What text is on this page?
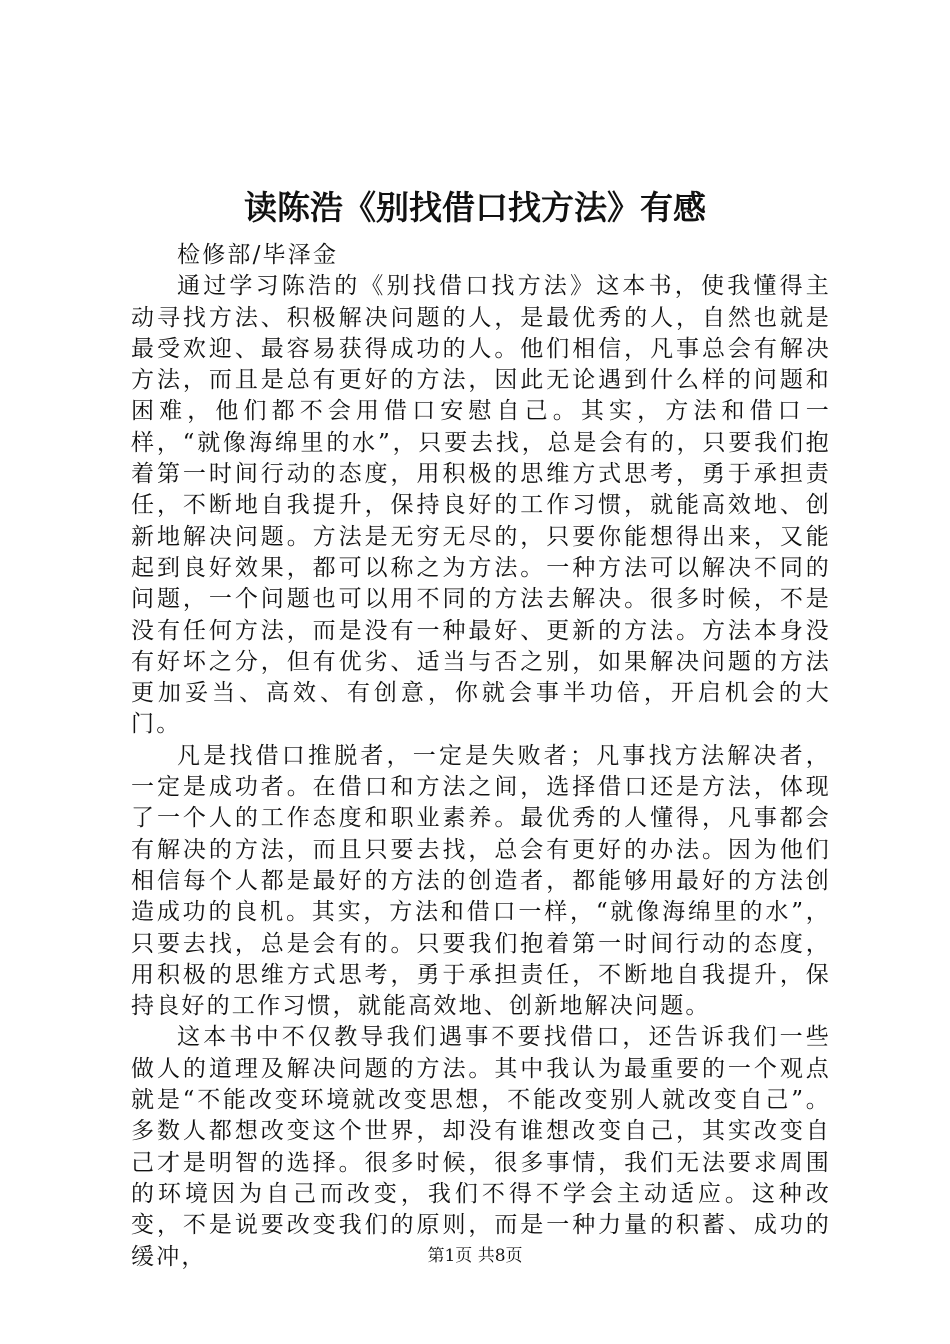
读陈浩《别找借口找方法》有感

检修部/毕泽金

通过学习陈浩的《别找借口找方法》这本书，使我懂得主动寻找方法、积极解决问题的人，是最优秀的人，自然也就是最受欢迎、最容易获得成功的人。他们相信，凡事总会有解决方法，而且是总有更好的方法，因此无论遇到什么样的问题和困难，他们都不会用借口安慰自己。其实，方法和借口一样，“就像海绵里的水”，只要去找，总是会有的，只要我们抱着第一时间行动的态度，用积极的思维方式思考，勇于承担责任，不断地自我提升，保持良好的工作习惯，就能高效地、创新地解决问题。方法是无穷无尽的，只要你能想得出来，又能起到良好效果，都可以称之为方法。一种方法可以解决不同的问题，一个问题也可以用不同的方法去解决。很多时候，不是没有任何方法，而是没有一种最好、更新的方法。方法本身没有好坏之分，但有优劣、适当与否之别，如果解决问题的方法更加妥当、高效、有创意，你就会事半功倍，开启机会的大门。

凡是找借口推脱者，一定是失败者；凡事找方法解决者，一定是成功者。在借口和方法之间，选择借口还是方法，体现了一个人的工作态度和职业素养。最优秀的人懂得，凡事都会有解决的方法，而且只要去找，总会有更好的办法。因为他们相信每个人都是最好的方法的创造者，都能够用最好的方法创造成功的良机。其实，方法和借口一样，“就像海绵里的水”，只要去找，总是会有的。只要我们抱着第一时间行动的态度，用积极的思维方式思考，勇于承担责任，不断地自我提升，保持良好的工作习惯，就能高效地、创新地解决问题。

这本书中不仅教导我们遇事不要找借口，还告诉我们一些做人的道理及解决问题的方法。其中我认为最重要的一个观点就是“不能改变环境就改变思想，不能改变别人就改变自己”。多数人都想改变这个世界，却没有谁想改变自己，其实改变自己才是明智的选择。很多时候，很多事情，我们无法要求周围的环境因为自己而改变，我们不得不学会主动适应。这种改变，不是说要改变我们的原则，而是一种力量的积蓄、成功的缓冲，	第1页 共8页
